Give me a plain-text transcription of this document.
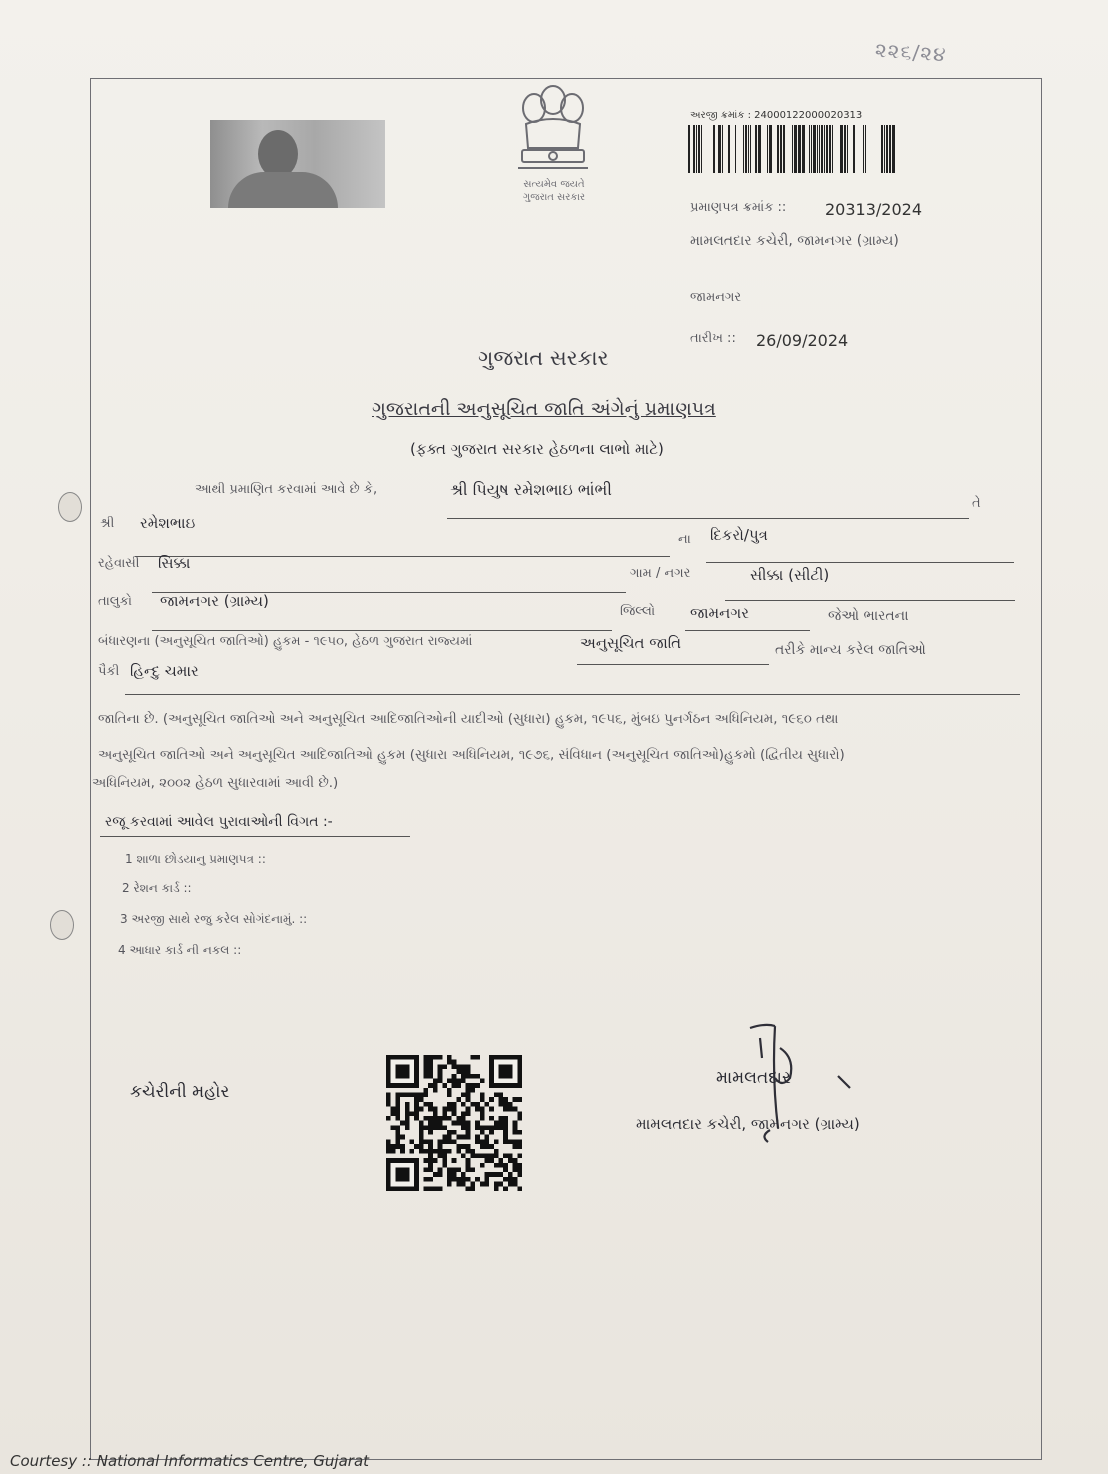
૨૨૬/૨૪
સત્યમેવ જયતે
ગુજરાત સરકાર
અરજી ક્રમાંક : 24000122000020313
પ્રમાણપત્ર ક્રમાંક :: 20313/2024
મામલતદાર કચેરી, જામનગર (ગ્રામ્ય)
જામનગર
તારીખ :: 26/09/2024
ગુજરાત સરકાર
ગુજરાતની અનુસૂચિત જાતિ અંગેનું પ્રમાણપત્ર
(ફક્ત ગુજરાત સરકાર હેઠળના લાભો માટે)
આથી પ્રમાણિત કરવામાં આવે છે કે,	શ્રી પિયુષ રમેશભાઇ ભાંભી
તે
શ્રી રમેશભાઇ
ના દિકરો/પુત્ર
રહેવાસી સિક્કા
ગામ / નગર	સીક્કા (સીટી)
તાલુકો જામનગર (ગ્રામ્ય)
જિલ્લો જામનગર	જેઓ ભારતના
બંધારણના (અનુસૂચિત જાતિઓ) હુકમ - ૧૯૫૦, હેઠળ ગુજરાત રાજ્યમાં	અનુસૂચિત જાતિ	તરીકે માન્ય કરેલ જાતિઓ
પૈકી હિન્દુ ચમાર
જાતિના છે. (અનુસૂચિત જાતિઓ અને અનુસૂચિત આદિજાતિઓની યાદીઓ (સુધારા) હુકમ, ૧૯૫૬, મુંબઇ પુનર્ગઠન અધિનિયમ, ૧૯૬૦ તથા
અનુસૂચિત જાતિઓ અને અનુસૂચિત આદિજાતિઓ હુકમ (સુધારા અધિનિયમ, ૧૯૭૬, સંવિધાન (અનુસૂચિત જાતિઓ)હુકમો (દ્વિતીય સુધારો)
અધિનિયમ, ૨૦૦૨ હેઠળ સુધારવામાં આવી છે.)
રજૂ કરવામાં આવેલ પુરાવાઓની વિગત :-
1 શાળા છોડયાનુ પ્રમાણપત્ર ::
2 રેશન કાર્ડ ::
3 અરજી સાથે રજુ કરેલ સોગંદનામું. ::
4 આધાર કાર્ડ ની નકલ ::
કચેરીની મહોર
મામલતદાર
મામલતદાર કચેરી, જામનગર (ગ્રામ્ય)
Courtesy :: National Informatics Centre, Gujarat
